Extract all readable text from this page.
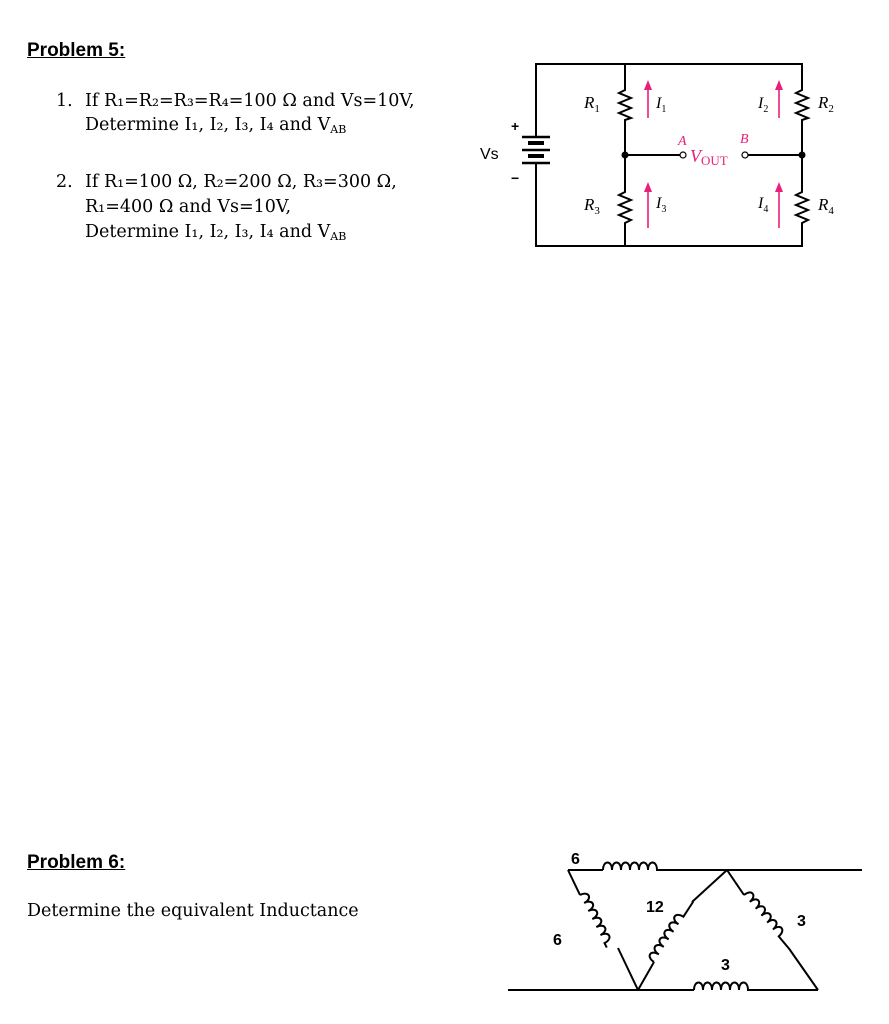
Problem 5:
1. If R₁=R₂=R₃=R₄=100 Ω and Vs=10V,
Determine I₁, I₂, I₃, I₄ and $V_{AB}$
2. If R₁=100 Ω, R₂=200 Ω, R₃=300 Ω,
R₁=400 Ω and Vs=10V,
Determine I₁, I₂, I₃, I₄ and $V_{AB}$
Vs
+
−
$R_1$	$R_2$
$R_3$	$R_4$
$I_1$	$I_2$
$I_3$	$I_4$
A	B
VOUT
Problem 6:
Determine the equivalent Inductance
6
6
12
3
3
